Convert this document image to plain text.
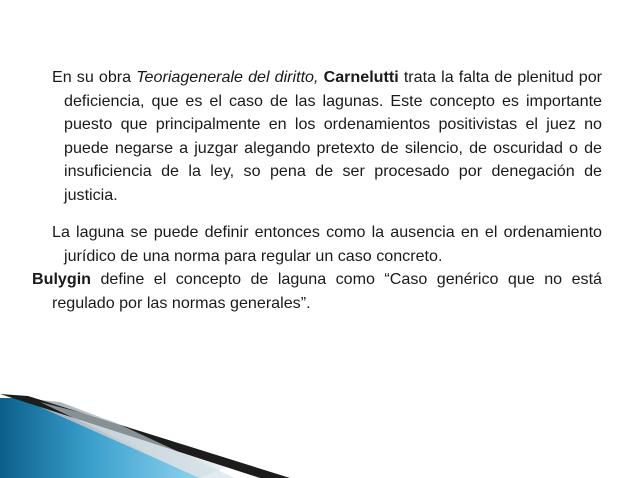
En su obra Teoriagenerale del diritto, Carnelutti trata la falta de plenitud por deficiencia, que es el caso de las lagunas. Este concepto es importante puesto que principalmente en los ordenamientos positivistas el juez no puede negarse a juzgar alegando pretexto de silencio, de oscuridad o de insuficiencia de la ley, so pena de ser procesado por denegación de justicia.

La laguna se puede definir entonces como la ausencia en el ordenamiento jurídico de una norma para regular un caso concreto.

Bulygin define el concepto de laguna como “Caso genérico que no está regulado por las normas generales”.
